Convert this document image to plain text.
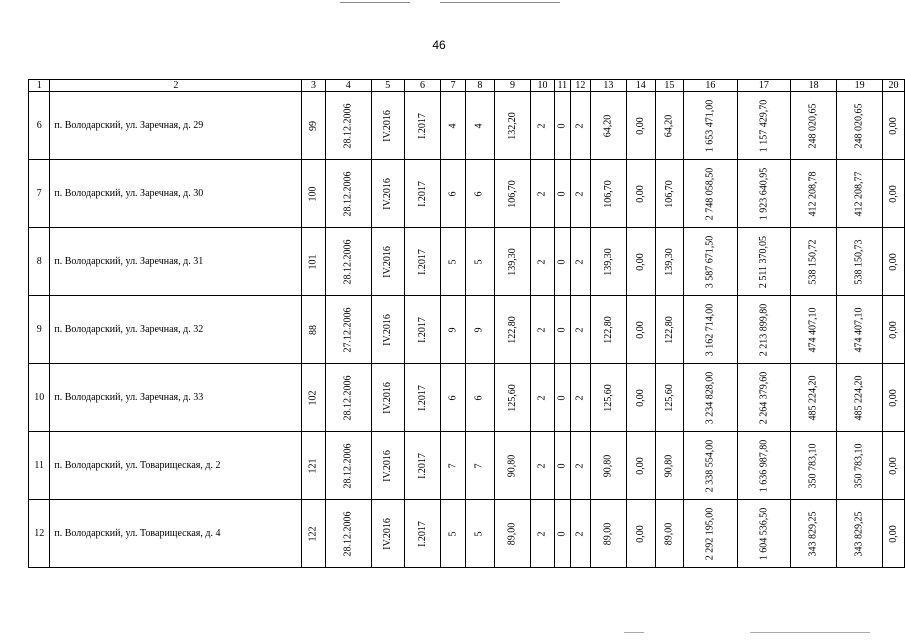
46
1	2	3	4	5	6	7	8	9	10	11	12	13	14	15	16	17	18	19	20
6	п. Володарский, ул. Заречная, д. 29	99	28.12.2006	IV.2016	I.2017	4	4	132,20	2	0	2	64,20	0,00	64,20	1 653 471,00	1 157 429,70	248 020,65	248 020,65	0,00
7	п. Володарский, ул. Заречная, д. 30	100	28.12.2006	IV.2016	I.2017	6	6	106,70	2	0	2	106,70	0,00	106,70	2 748 058,50	1 923 640,95	412 208,78	412 208,77	0,00
8	п. Володарский, ул. Заречная, д. 31	101	28.12.2006	IV.2016	I.2017	5	5	139,30	2	0	2	139,30	0,00	139,30	3 587 671,50	2 511 370,05	538 150,72	538 150,73	0,00
9	п. Володарский, ул. Заречная, д. 32	88	27.12.2006	IV.2016	I.2017	9	9	122,80	2	0	2	122,80	0,00	122,80	3 162 714,00	2 213 899,80	474 407,10	474 407,10	0,00
10	п. Володарский, ул. Заречная, д. 33	102	28.12.2006	IV.2016	I.2017	6	6	125,60	2	0	2	125,60	0,00	125,60	3 234 828,00	2 264 379,60	485 224,20	485 224,20	0,00
11	п. Володарский, ул. Товарищеская, д. 2	121	28.12.2006	IV.2016	I.2017	7	7	90,80	2	0	2	90,80	0,00	90,80	2 338 554,00	1 636 987,80	350 783,10	350 783,10	0,00
12	п. Володарский, ул. Товарищеская, д. 4	122	28.12.2006	IV.2016	I.2017	5	5	89,00	2	0	2	89,00	0,00	89,00	2 292 195,00	1 604 536,50	343 829,25	343 829,25	0,00
